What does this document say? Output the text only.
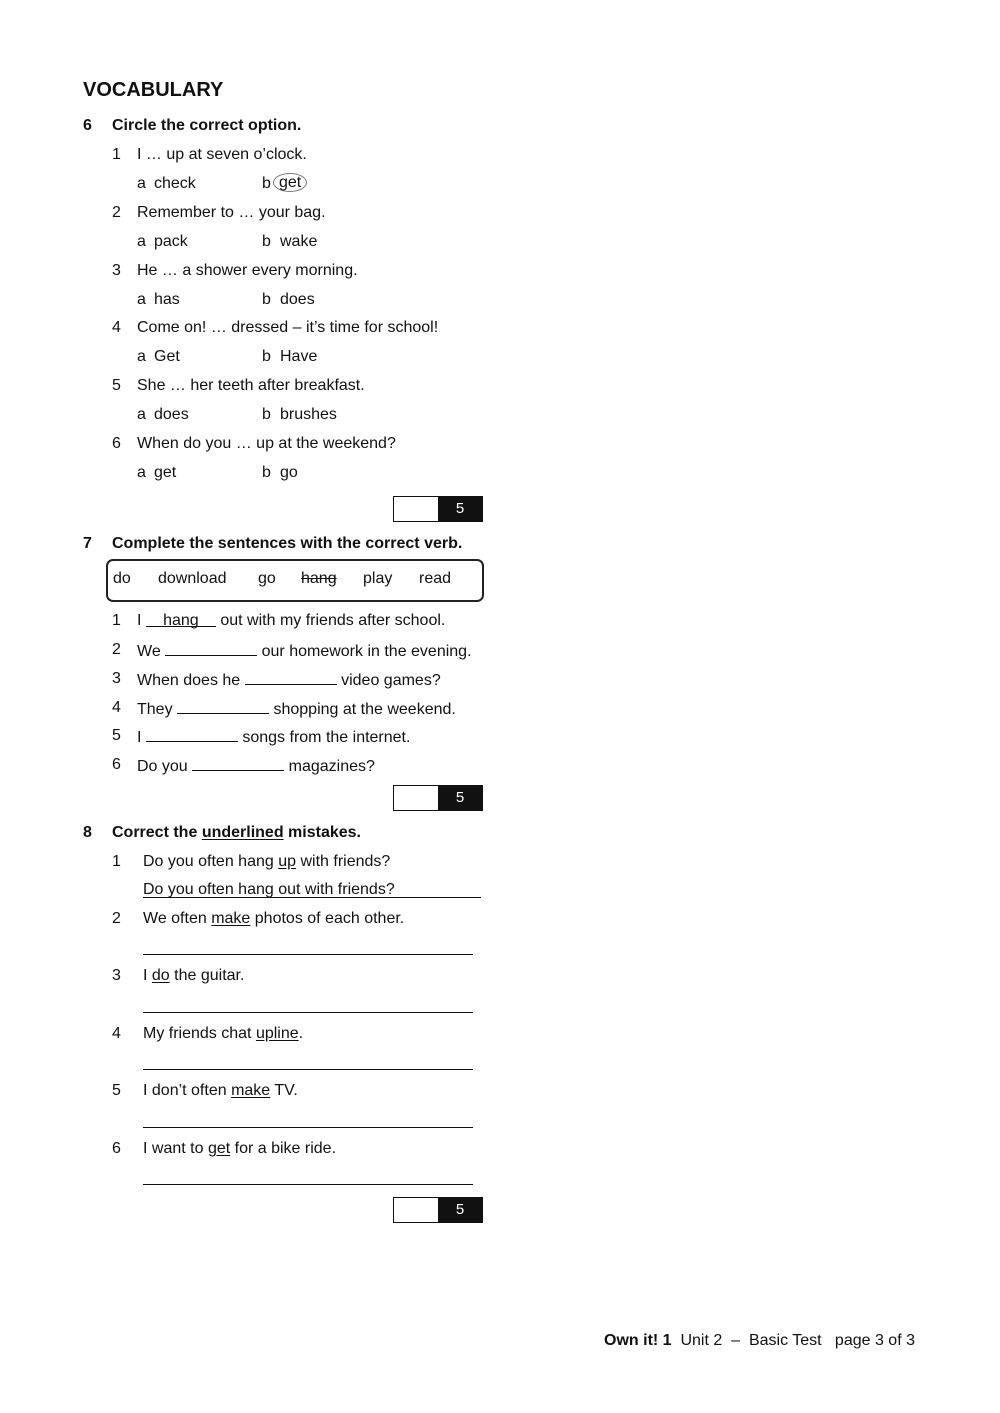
VOCABULARY
6 Circle the correct option.
1 I … up at seven o’clock.
a check	b get
2 Remember to … your bag.
a pack	b wake
3 He … a shower every morning.
a has	b does
4 Come on! … dressed – it’s time for school!
a Get	b Have
5 She … her teeth after breakfast.
a does	b brushes
6 When do you … up at the weekend?
a get	b go
5
7 Complete the sentences with the correct verb.
do download go hang play read
1 I hang out with my friends after school.
2 We	our homework in the evening.
3 When does he	video games?
4 They	shopping at the weekend.
5 I	songs from the internet.
6 Do you	magazines?
5
8 Correct the underlined mistakes.
1 Do you often hang up with friends?
Do you often hang out with friends?
2 We often make photos of each other.
3 I do the guitar.
4 My friends chat upline.
5 I don’t often make TV.
6 I want to get for a bike ride.
5
Own it! 1 Unit 2 – Basic Test page 3 of 3
